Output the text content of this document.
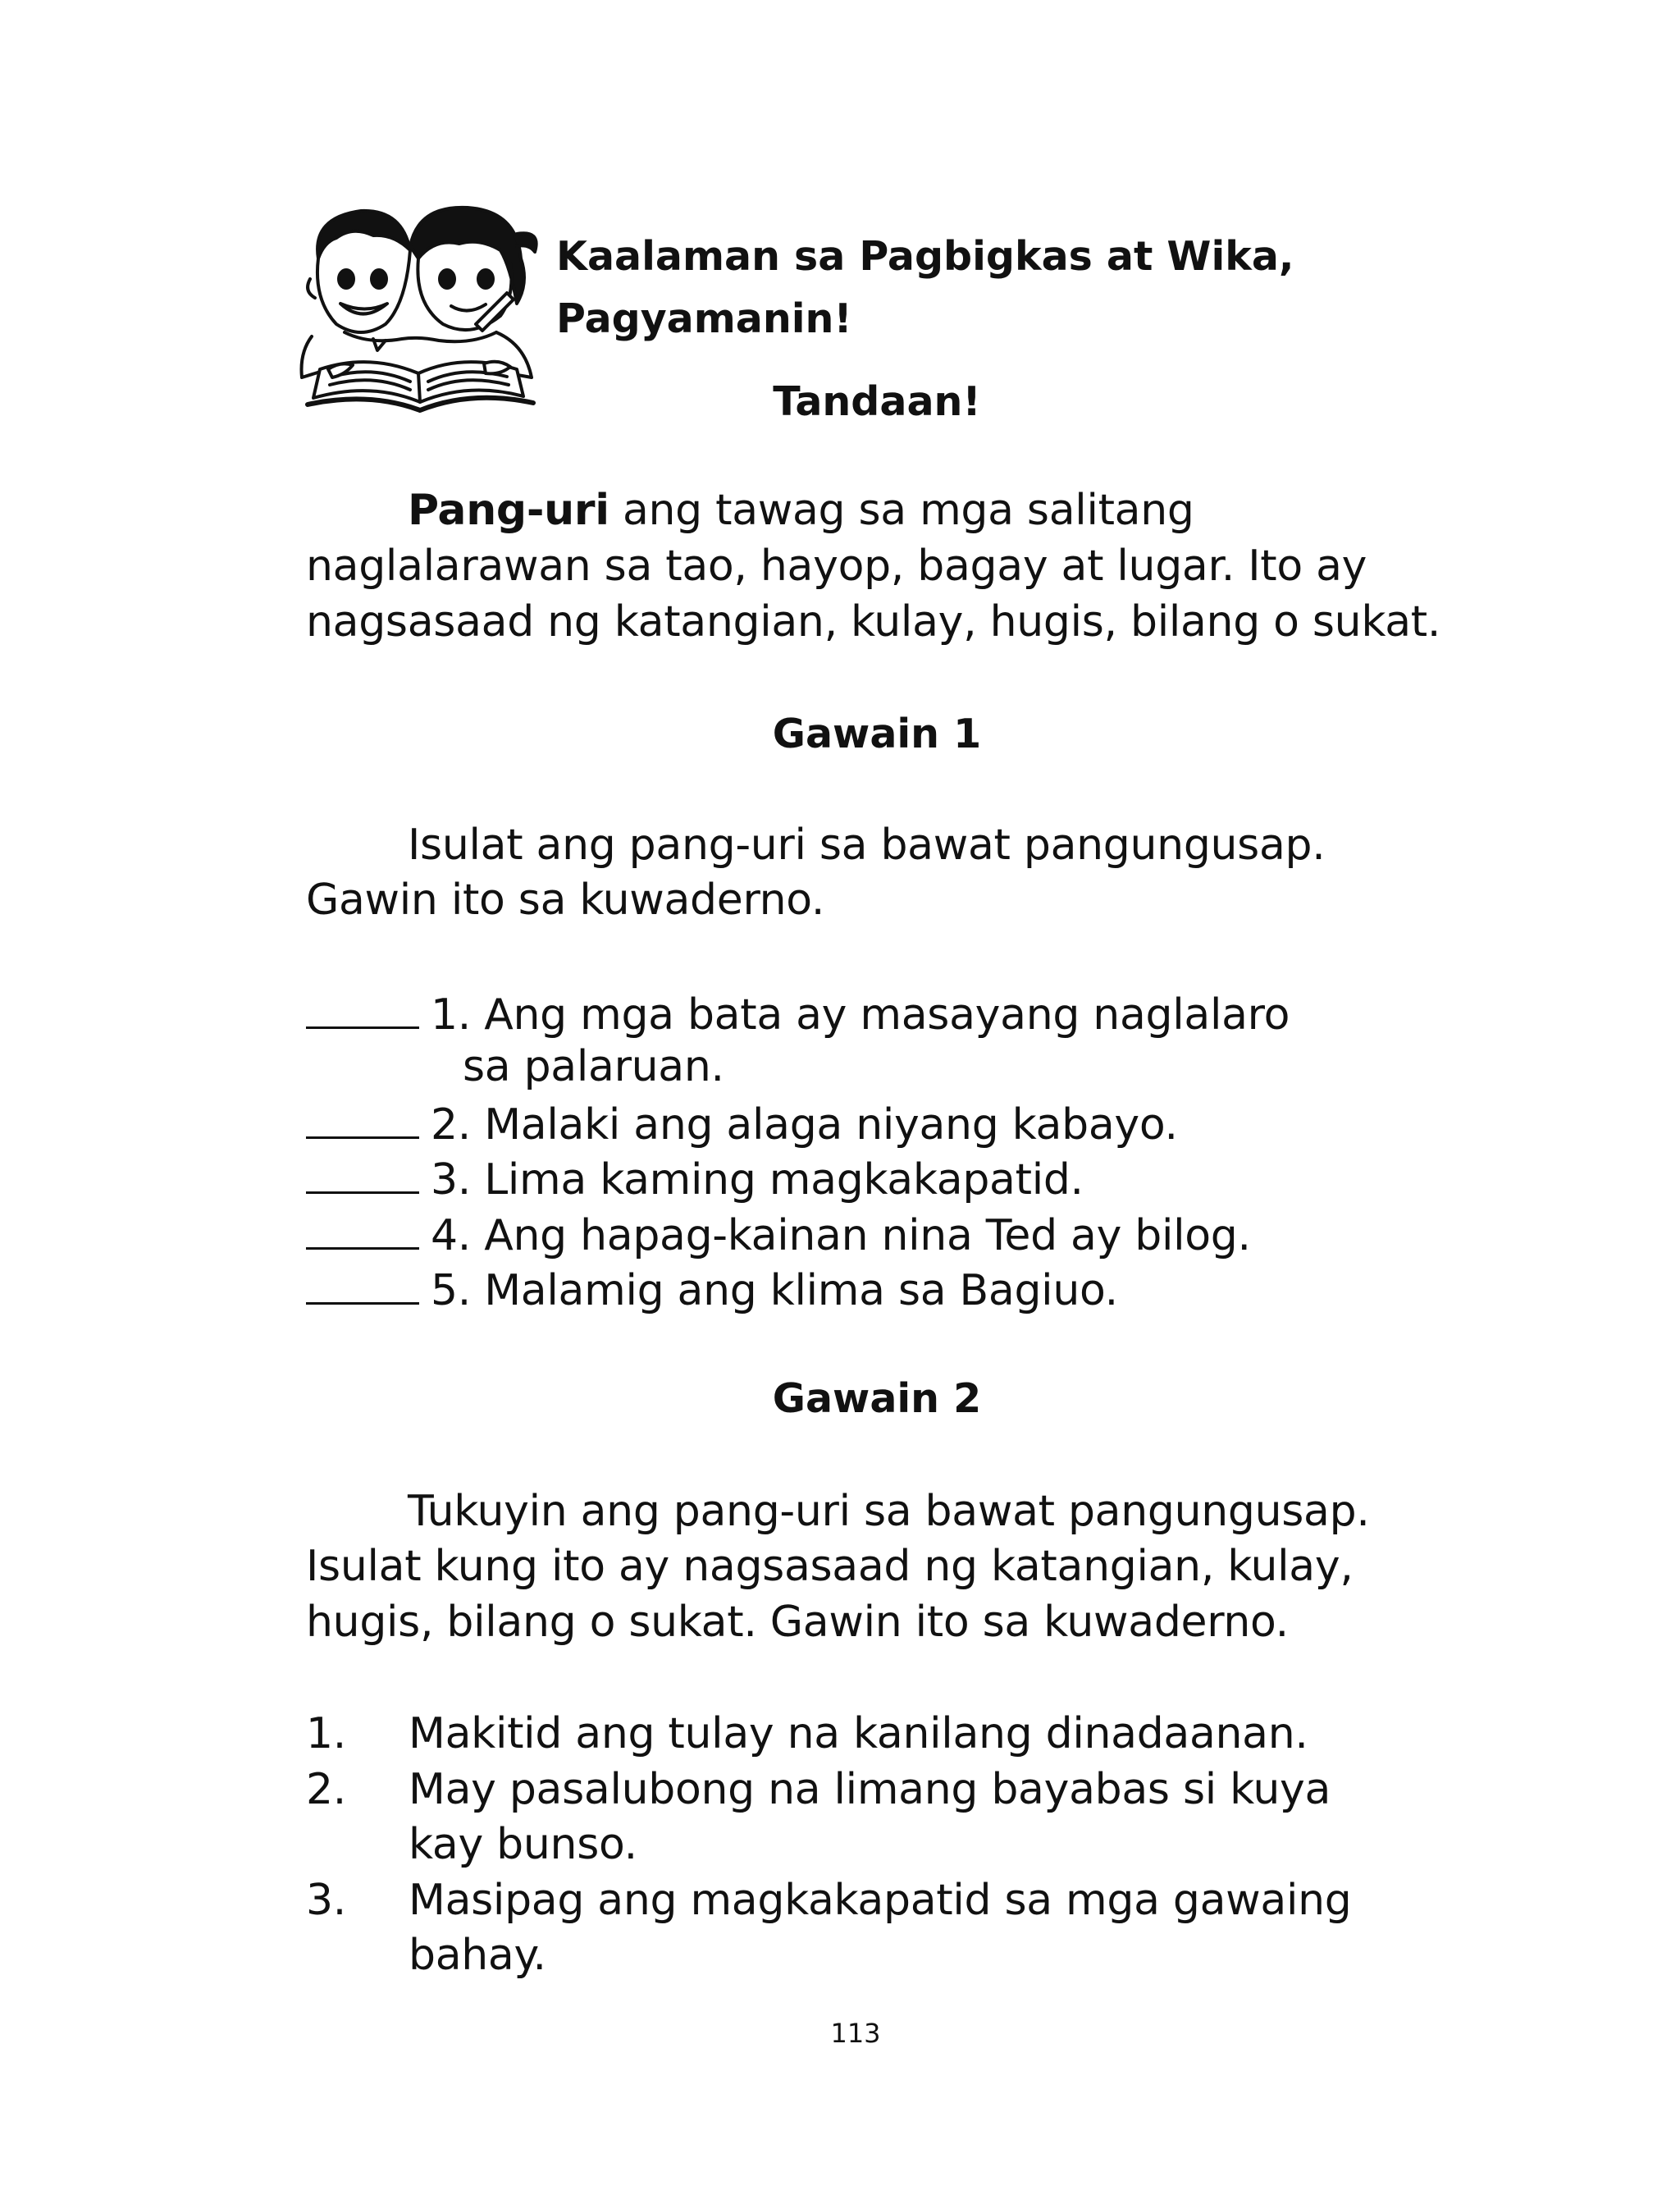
Kaalaman sa Pagbigkas at Wika,
Pagyamanin!
Tandaan!
Pang-uri ang tawag sa mga salitang
naglalarawan sa tao, hayop, bagay at lugar. Ito ay
nagsasaad ng katangian, kulay, hugis, bilang o sukat.
Gawain 1
Isulat ang pang-uri sa bawat pangungusap.
Gawin ito sa kuwaderno.
1. Ang mga bata ay masayang naglalaro
sa palaruan.
2. Malaki ang alaga niyang kabayo.
3. Lima kaming magkakapatid.
4. Ang hapag-kainan nina Ted ay bilog.
5. Malamig ang klima sa Bagiuo.
Gawain 2
Tukuyin ang pang-uri sa bawat pangungusap.
Isulat kung ito ay nagsasaad ng katangian, kulay,
hugis, bilang o sukat. Gawin ito sa kuwaderno.
1. Makitid ang tulay na kanilang dinadaanan.
2. May pasalubong na limang bayabas si kuya
kay bunso.
3. Masipag ang magkakapatid sa mga gawaing
bahay.
113
